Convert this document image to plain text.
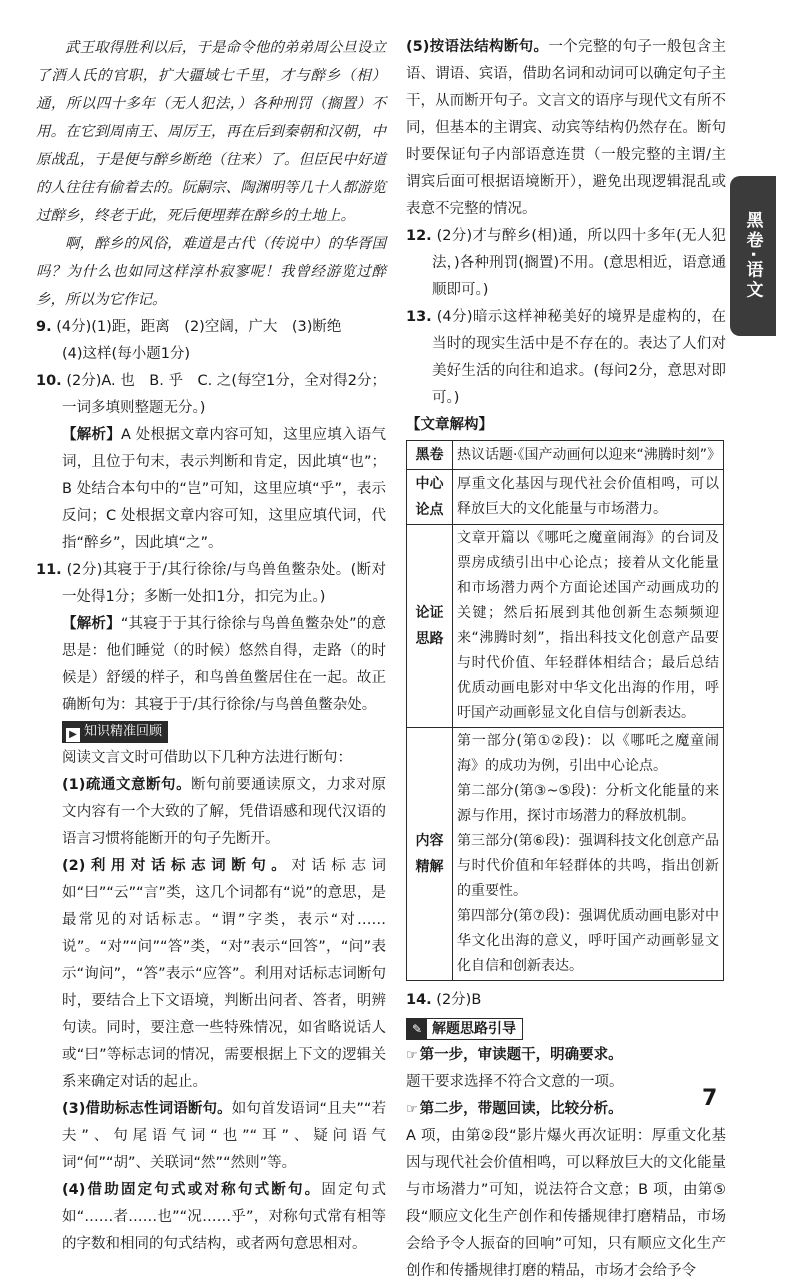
武王取得胜利以后，于是命令他的弟弟周公旦设立了酒人氏的官职，扩大疆域七千里，才与醉乡（相）通，所以四十多年（无人犯法，）各种刑罚（搁置）不用。在它到周南王、周厉王，再在后到秦朝和汉朝，中原战乱，于是便与醉乡断绝（往来）了。但臣民中好道的人往往有偷着去的。阮嗣宗、陶渊明等几十人都游览过醉乡，终老于此，死后便埋葬在醉乡的土地上。

啊，醉乡的风俗，难道是古代（传说中）的华胥国吗？为什么也如同这样淳朴寂寥呢！我曾经游览过醉乡，所以为它作记。

9. (4分)(1)距，距离　(2)空阔，广大　(3)断绝

(4)这样(每小题1分)

10. (2分)A. 也　B. 乎　C. 之(每空1分，全对得2分；一词多填则整题无分。)

【解析】A 处根据文章内容可知，这里应填入语气词，且位于句末，表示判断和肯定，因此填“也”；B 处结合本句中的“岂”可知，这里应填“乎”，表示反问；C 处根据文章内容可知，这里应填代词，代指“醉乡”，因此填“之”。

11. (2分)其寝于于/其行徐徐/与鸟兽鱼鳖杂处。(断对一处得1分；多断一处扣1分，扣完为止。)

【解析】“其寝于于其行徐徐与鸟兽鱼鳖杂处”的意思是：他们睡觉（的时候）悠然自得，走路（的时候是）舒缓的样子，和鸟兽鱼鳖居住在一起。故正确断句为：其寝于于/其行徐徐/与鸟兽鱼鳖杂处。

▶ 知识精准回顾

阅读文言文时可借助以下几种方法进行断句：

(1)疏通文意断句。断句前要通读原文，力求对原文内容有一个大致的了解，凭借语感和现代汉语的语言习惯将能断开的句子先断开。

(2)利用对话标志词断句。对话标志词如“曰”“云”“言”类，这几个词都有“说”的意思，是最常见的对话标志。“谓”字类，表示“对……说”。“对”“问”“答”类，“对”表示“回答”，“问”表示“询问”，“答”表示“应答”。利用对话标志词断句时，要结合上下文语境，判断出问者、答者，明辨句读。同时，要注意一些特殊情况，如省略说话人或“曰”等标志词的情况，需要根据上下文的逻辑关系来确定对话的起止。

(3)借助标志性词语断句。如句首发语词“且夫”“若夫”、句尾语气词“也”“耳”、疑问语气词“何”“胡”、关联词“然”“然则”等。

(4)借助固定句式或对称句式断句。固定句式如“……者……也”“况……乎”，对称句式常有相等的字数和相同的句式结构，或者两句意思相对。

(5)按语法结构断句。一个完整的句子一般包含主语、谓语、宾语，借助名词和动词可以确定句子主干，从而断开句子。文言文的语序与现代文有所不同，但基本的主谓宾、动宾等结构仍然存在。断句时要保证句子内部语意连贯（一般完整的主谓/主谓宾后面可根据语境断开），避免出现逻辑混乱或表意不完整的情况。

12. (2分)才与醉乡(相)通，所以四十多年(无人犯法，)各种刑罚(搁置)不用。(意思相近，语意通顺即可。)

13. (4分)暗示这样神秘美好的境界是虚构的，在当时的现实生活中是不存在的。表达了人们对美好生活的向往和追求。(每问2分，意思对即可。)

【文章解构】
黑卷	热议话题·《国产动画何以迎来“沸腾时刻”》
中心论点	厚重文化基因与现代社会价值相鸣，可以释放巨大的文化能量与市场潜力。
论证思路	文章开篇以《哪吒之魔童闹海》的台词及票房成绩引出中心论点；接着从文化能量和市场潜力两个方面论述国产动画成功的关键；然后拓展到其他创新生态频频迎来“沸腾时刻”，指出科技文化创意产品要与时代价值、年轻群体相结合；最后总结优质动画电影对中华文化出海的作用，呼吁国产动画彰显文化自信与创新表达。
内容精解	第一部分(第①②段)：以《哪吒之魔童闹海》的成功为例，引出中心论点。
第二部分(第③~⑤段)：分析文化能量的来源与作用，探讨市场潜力的释放机制。
第三部分(第⑥段)：强调科技文化创意产品与时代价值和年轻群体的共鸣，指出创新的重要性。
第四部分(第⑦段)：强调优质动画电影对中华文化出海的意义，呼吁国产动画彰显文化自信和创新表达。

14. (2分)B

✎ 解题思路引导

☞ 第一步，审读题干，明确要求。

题干要求选择不符合文意的一项。

☞ 第二步，带题回读，比较分析。

A 项，由第②段“影片爆火再次证明：厚重文化基因与现代社会价值相鸣，可以释放巨大的文化能量与市场潜力”可知，说法符合文意；B 项，由第⑤段“顺应文化生产创作和传播规律打磨精品，市场会给予令人振奋的回响”可知，只有顺应文化生产创作和传播规律打磨的精品，市场才会给予令

黑卷·语文
7
